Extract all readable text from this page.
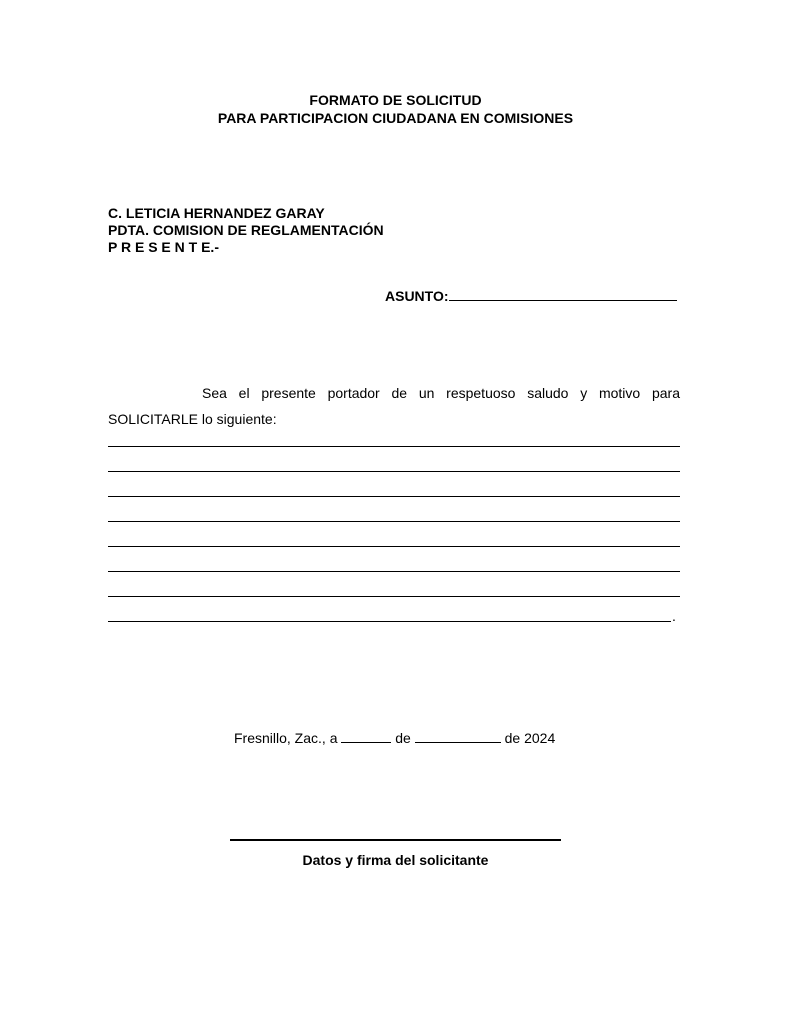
FORMATO DE SOLICITUD
PARA PARTICIPACION CIUDADANA EN COMISIONES
C. LETICIA HERNANDEZ GARAY
PDTA. COMISION DE REGLAMENTACIÓN
P R E S E N T E.-
ASUNTO:
Sea el presente portador de un respetuoso saludo y motivo para
SOLICITARLE lo siguiente:
.
Fresnillo, Zac., a	de	de 2024
Datos y firma del solicitante
